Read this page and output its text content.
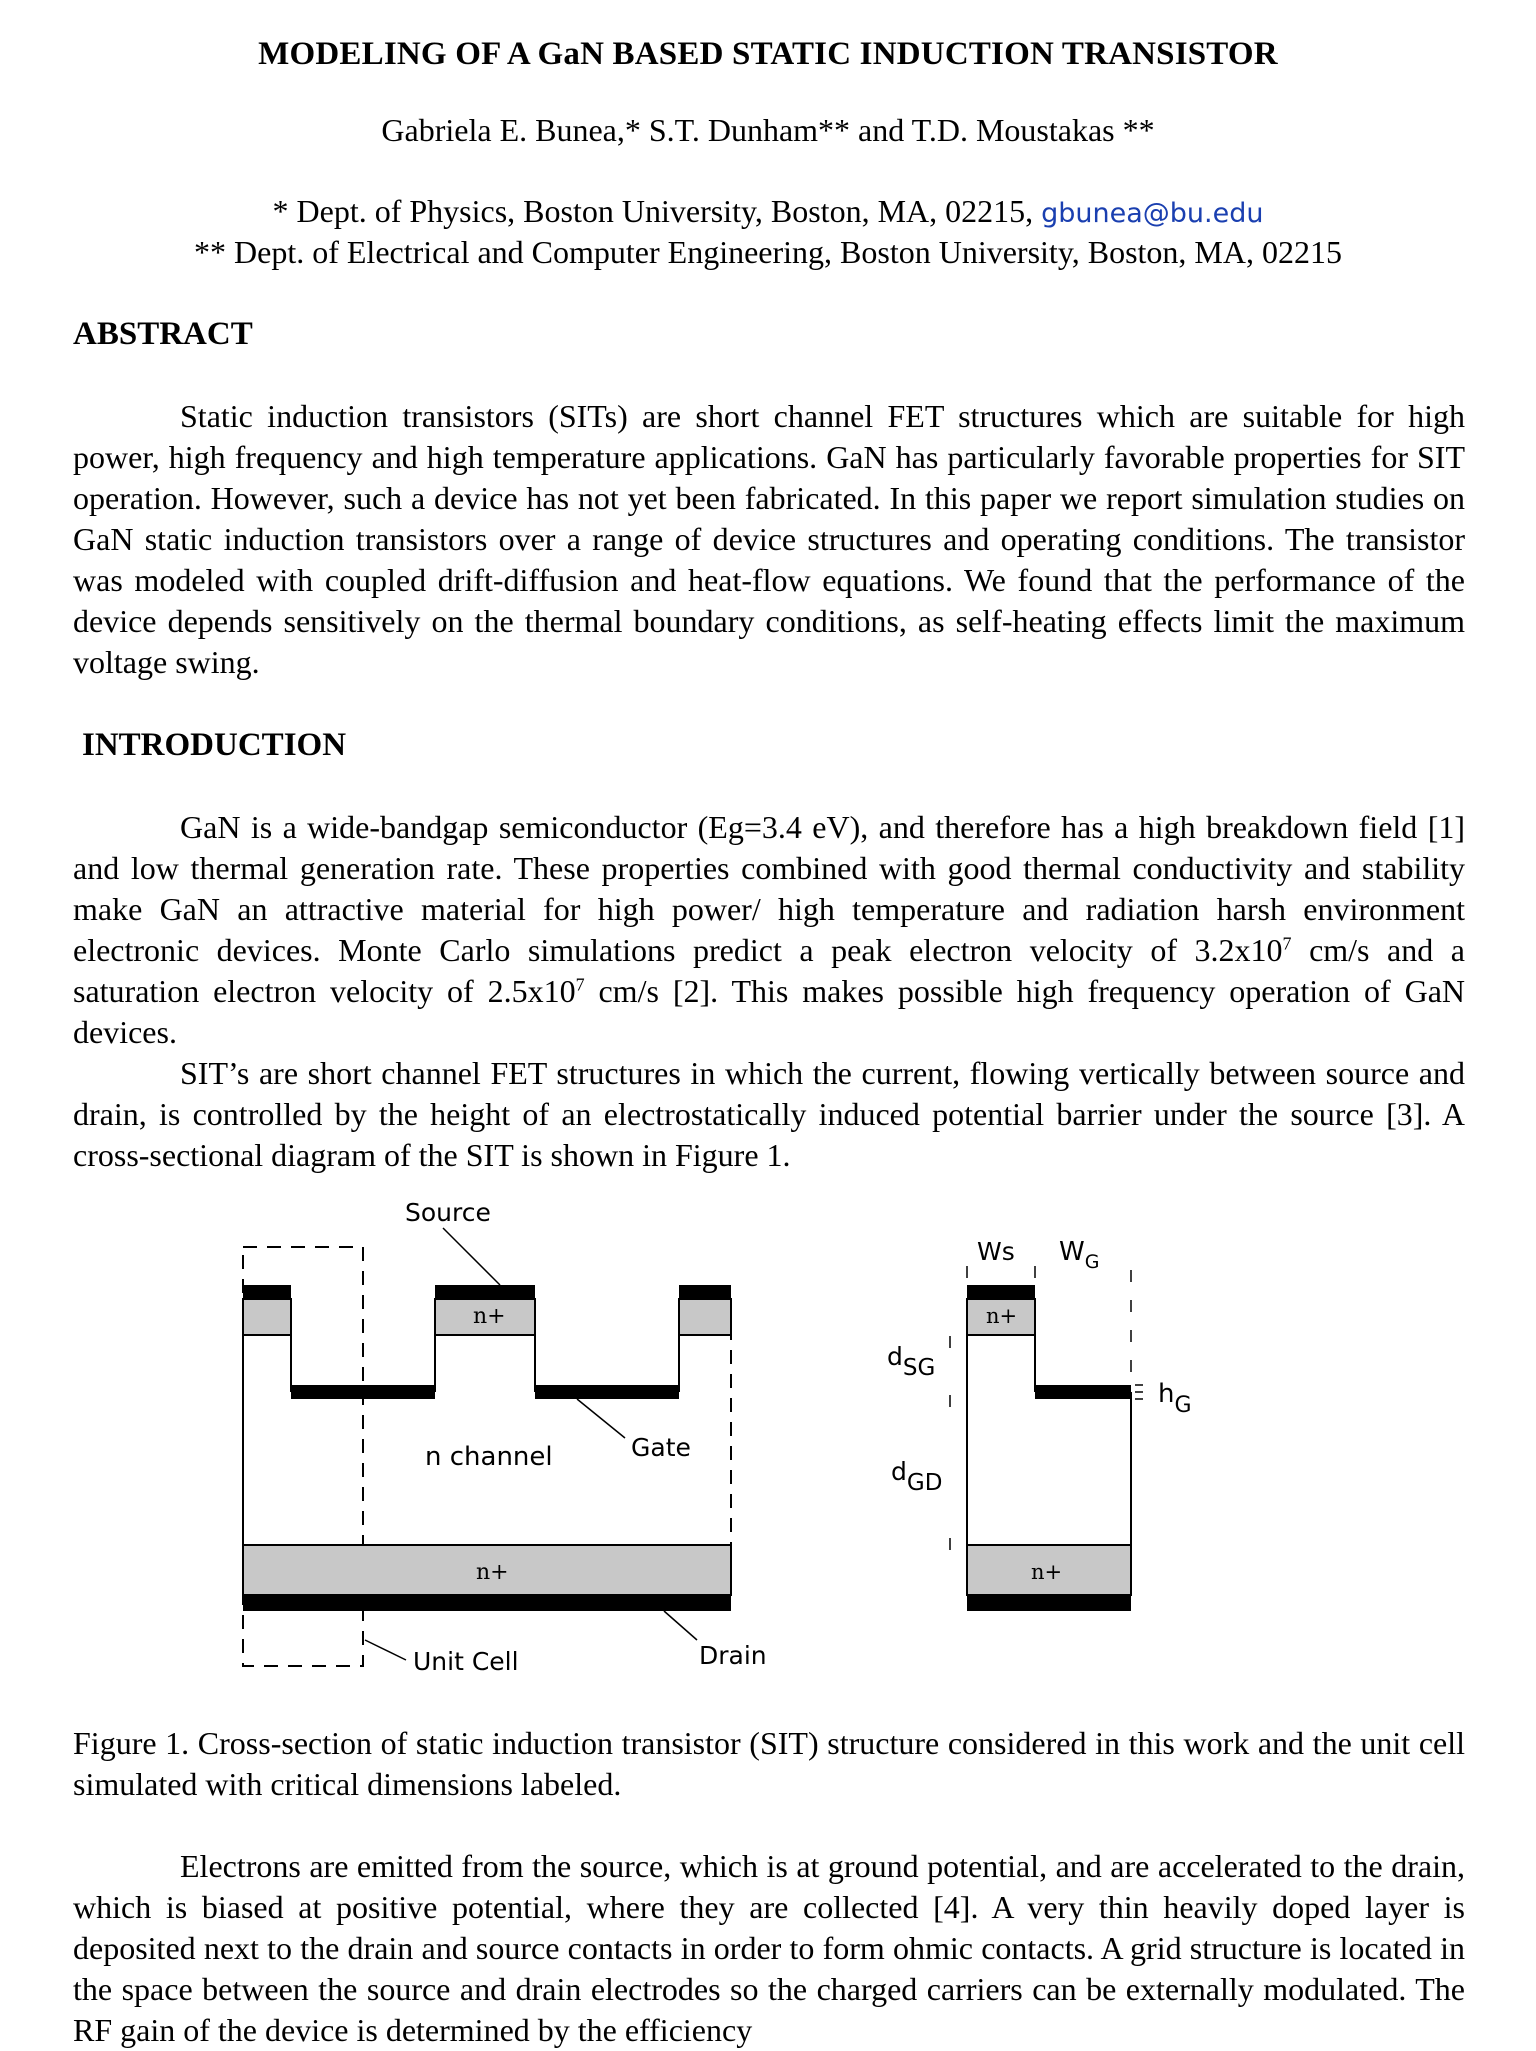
MODELING OF A GaN BASED STATIC INDUCTION TRANSISTOR
Gabriela E. Bunea,* S.T. Dunham** and T.D. Moustakas **
* Dept. of Physics, Boston University, Boston, MA, 02215, gbunea@bu.edu
** Dept. of Electrical and Computer Engineering, Boston University, Boston, MA, 02215
ABSTRACT

Static induction transistors (SITs) are short channel FET structures which are suitable for high power, high frequency and high temperature applications. GaN has particularly favorable properties for SIT operation. However, such a device has not yet been fabricated. In this paper we report simulation studies on GaN static induction transistors over a range of device structures and operating conditions. The transistor was modeled with coupled drift-diffusion and heat-flow equations. We found that the performance of the device depends sensitively on the thermal boundary conditions, as self-heating effects limit the maximum voltage swing.

INTRODUCTION

GaN is a wide-bandgap semiconductor (Eg=3.4 eV), and therefore has a high breakdown field [1] and low thermal generation rate. These properties combined with good thermal conductivity and stability make GaN an attractive material for high power/ high temperature and radiation harsh environment electronic devices. Monte Carlo simulations predict a peak electron velocity of $3.2x10^7$ cm/s and a saturation electron velocity of $2.5x10^7$ cm/s [2]. This makes possible high frequency operation of GaN devices.

SIT’s are short channel FET structures in which the current, flowing vertically between source and drain, is controlled by the height of an electrostatically induced potential barrier under the source [3]. A cross-sectional diagram of the SIT is shown in Figure 1.

n+
n+
Source
n channel	Gate
Drain
Unit Cell
n+
n+
Ws $W_G$
dSG
dGD
$h_G$

Figure 1. Cross-section of static induction transistor (SIT) structure considered in this work and the unit cell simulated with critical dimensions labeled.

Electrons are emitted from the source, which is at ground potential, and are accelerated to the drain, which is biased at positive potential, where they are collected [4]. A very thin heavily doped layer is deposited next to the drain and source contacts in order to form ohmic contacts. A grid structure is located in the space between the source and drain electrodes so the charged carriers can be externally modulated. The RF gain of the device is determined by the efficiency
